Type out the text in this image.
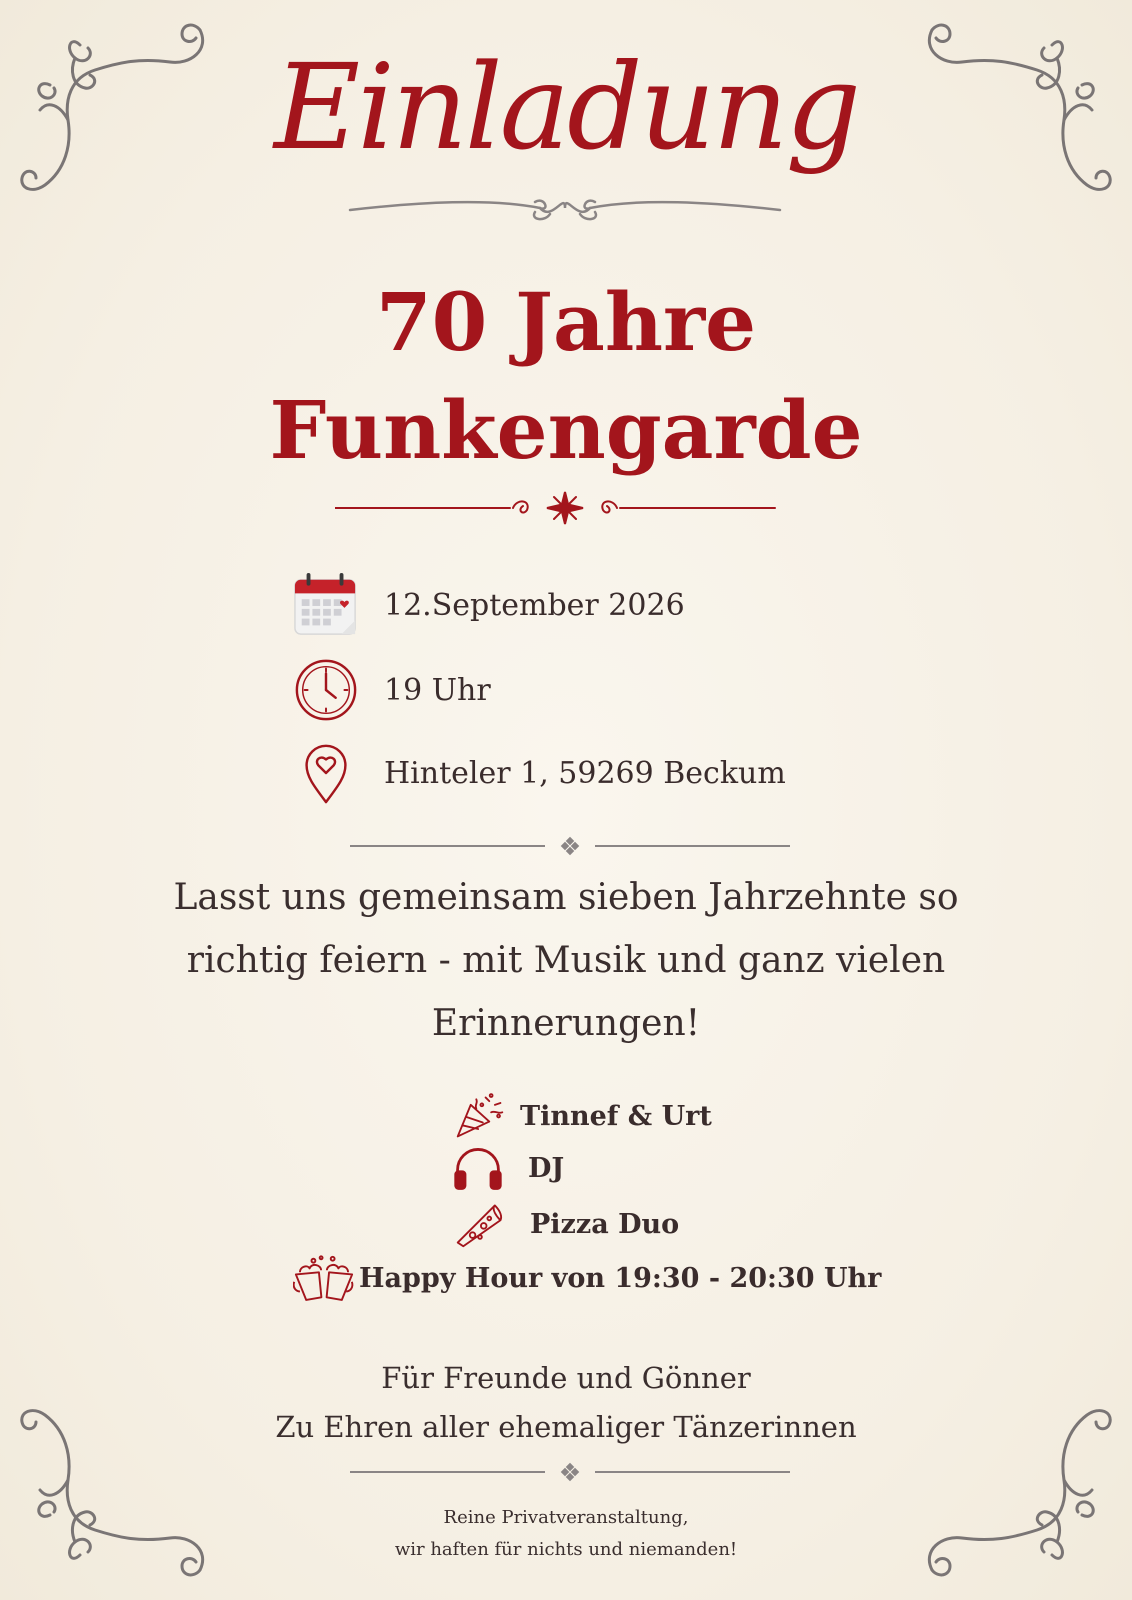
Einladung
70 Jahre
Funkengarde
12.September 2026
19 Uhr
Hinteler 1, 59269 Beckum
Lasst uns gemeinsam sieben Jahrzehnte so
richtig feiern - mit Musik und ganz vielen
Erinnerungen!
Tinnef & Urt
DJ
Pizza Duo
Happy Hour von 19:30 - 20:30 Uhr
Für Freunde und Gönner
Zu Ehren aller ehemaliger Tänzerinnen
Reine Privatveranstaltung,
wir haften für nichts und niemanden!
